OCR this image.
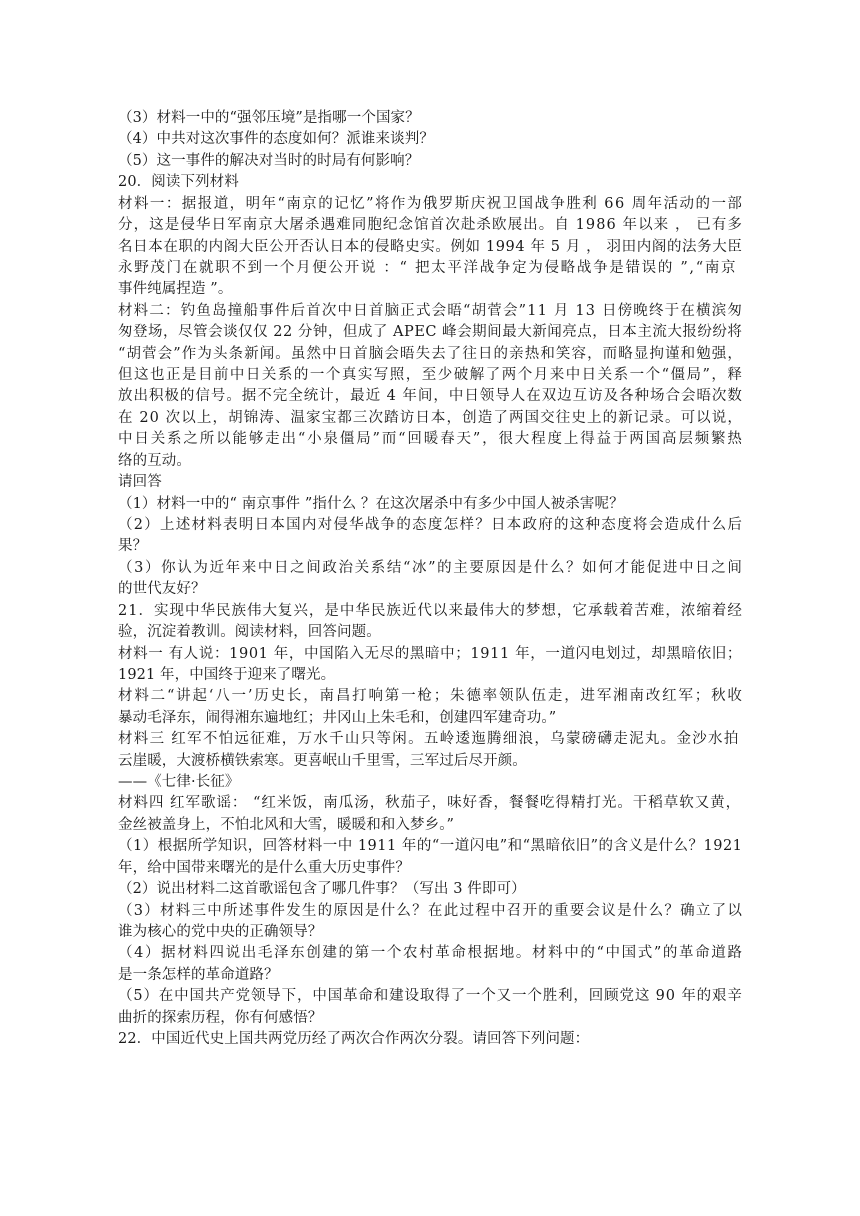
（3）材料一中的“强邻压境”是指哪一个国家？
（4）中共对这次事件的态度如何？派谁来谈判？
（5）这一事件的解决对当时的时局有何影响？
20．阅读下列材料
材料一：据报道，明年“南京的记忆”将作为俄罗斯庆祝卫国战争胜利 66 周年活动的一部
分，这是侵华日军南京大屠杀遇难同胞纪念馆首次赴杀欧展出。自 1986 年以来 ， 已有多
名日本在职的内阁大臣公开否认日本的侵略史实。例如 1994 年 5 月 ， 羽田内阁的法务大臣
永野茂门在就职不到一个月便公开说 ：“ 把太平洋战争定为侵略战争是错误的 ”,“南京
事件纯属捏造 ”。
材料二：钓鱼岛撞船事件后首次中日首脑正式会晤“胡菅会”11 月 13 日傍晚终于在横滨匆
匆登场，尽管会谈仅仅 22 分钟，但成了 APEC 峰会期间最大新闻亮点，日本主流大报纷纷将
“胡菅会”作为头条新闻。虽然中日首脑会晤失去了往日的亲热和笑容，而略显拘谨和勉强，
但这也正是目前中日关系的一个真实写照，至少破解了两个月来中日关系一个“僵局”，释
放出积极的信号。据不完全统计，最近 4 年间，中日领导人在双边互访及各种场合会晤次数
在 20 次以上，胡锦涛、温家宝都三次踏访日本，创造了两国交往史上的新记录。可以说，
中日关系之所以能够走出“小泉僵局”而“回暖春天”，很大程度上得益于两国高层频繁热
络的互动。
请回答
（1）材料一中的“ 南京事件 ”指什么 ？在这次屠杀中有多少中国人被杀害呢？
（2）上述材料表明日本国内对侵华战争的态度怎样？日本政府的这种态度将会造成什么后
果？
（3）你认为近年来中日之间政治关系结“冰”的主要原因是什么？如何才能促进中日之间
的世代友好？
21．实现中华民族伟大复兴，是中华民族近代以来最伟大的梦想，它承载着苦难，浓缩着经
验，沉淀着教训。阅读材料，回答问题。
材料一 有人说：1901 年，中国陷入无尽的黑暗中；1911 年，一道闪电划过，却黑暗依旧；
1921 年，中国终于迎来了曙光。
材料二“讲起‘八一’历史长，南昌打响第一枪；朱德率领队伍走，进军湘南改红军；秋收
暴动毛泽东，闹得湘东遍地红；井冈山上朱毛和，创建四军建奇功。”
材料三 红军不怕远征难，万水千山只等闲。五岭逶迤腾细浪，乌蒙磅礴走泥丸。金沙水拍
云崖暖，大渡桥横铁索寒。更喜岷山千里雪，三军过后尽开颜。
——《七律·长征》
材料四 红军歌谣： “红米饭，南瓜汤，秋茄子，味好香，餐餐吃得精打光。干稻草软又黄，
金丝被盖身上，不怕北风和大雪，暖暖和和入梦乡。”
（1）根据所学知识，回答材料一中 1911 年的“一道闪电”和“黑暗依旧”的含义是什么？1921
年，给中国带来曙光的是什么重大历史事件？
（2）说出材料二这首歌谣包含了哪几件事？（写出 3 件即可）
（3）材料三中所述事件发生的原因是什么？在此过程中召开的重要会议是什么？确立了以
谁为核心的党中央的正确领导？
（4）据材料四说出毛泽东创建的第一个农村革命根据地。材料中的“中国式”的革命道路
是一条怎样的革命道路？
（5）在中国共产党领导下，中国革命和建设取得了一个又一个胜利，回顾党这 90 年的艰辛
曲折的探索历程，你有何感悟？
22．中国近代史上国共两党历经了两次合作两次分裂。请回答下列问题：
